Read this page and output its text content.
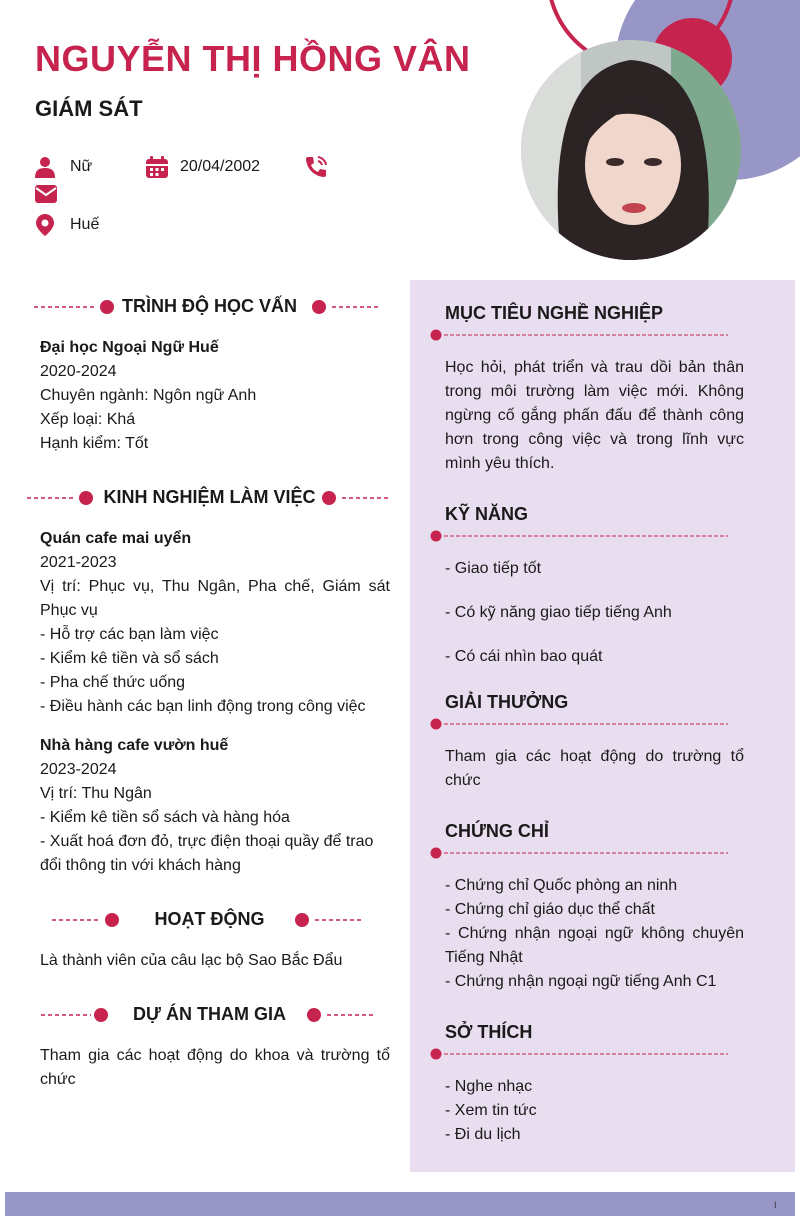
NGUYỄN THỊ HỒNG VÂN
GIÁM SÁT
Nữ	20/04/2002
Huế
TRÌNH ĐỘ HỌC VẤN
Đại học Ngoại Ngữ Huế
2020-2024
Chuyên ngành: Ngôn ngữ Anh
Xếp loại: Khá
Hạnh kiểm: Tốt
KINH NGHIỆM LÀM VIỆC
Quán cafe mai uyển
2021-2023
Vị trí: Phục vụ, Thu Ngân, Pha chế, Giám sát Phục vụ
- Hỗ trợ các bạn làm việc
- Kiểm kê tiền và sổ sách
- Pha chế thức uống
- Điều hành các bạn linh động trong công việc
Nhà hàng cafe vườn huế
2023-2024
Vị trí: Thu Ngân
- Kiểm kê tiền sổ sách và hàng hóa
- Xuất hoá đơn đỏ, trực điện thoại quầy để trao đổi thông tin với khách hàng
HOẠT ĐỘNG
Là thành viên của câu lạc bộ Sao Bắc Đẩu
DỰ ÁN THAM GIA
Tham gia các hoạt động do khoa và trường tổ chức
MỤC TIÊU NGHỀ NGHIỆP
Học hỏi, phát triển và trau dồi bản thân trong môi trường làm việc mới. Không ngừng cố gắng phấn đấu để thành công hơn trong công việc và trong lĩnh vực mình yêu thích.
KỸ NĂNG
- Giao tiếp tốt
- Có kỹ năng giao tiếp tiếng Anh
- Có cái nhìn bao quát
GIẢI THƯỞNG
Tham gia các hoạt động do trường tổ chức
CHỨNG CHỈ
- Chứng chỉ Quốc phòng an ninh
- Chứng chỉ giáo dục thể chất
- Chứng nhận ngoại ngữ không chuyên Tiếng Nhật
- Chứng nhận ngoại ngữ tiếng Anh C1
SỞ THÍCH
- Nghe nhạc
- Xem tin tức
- Đi du lịch
I
